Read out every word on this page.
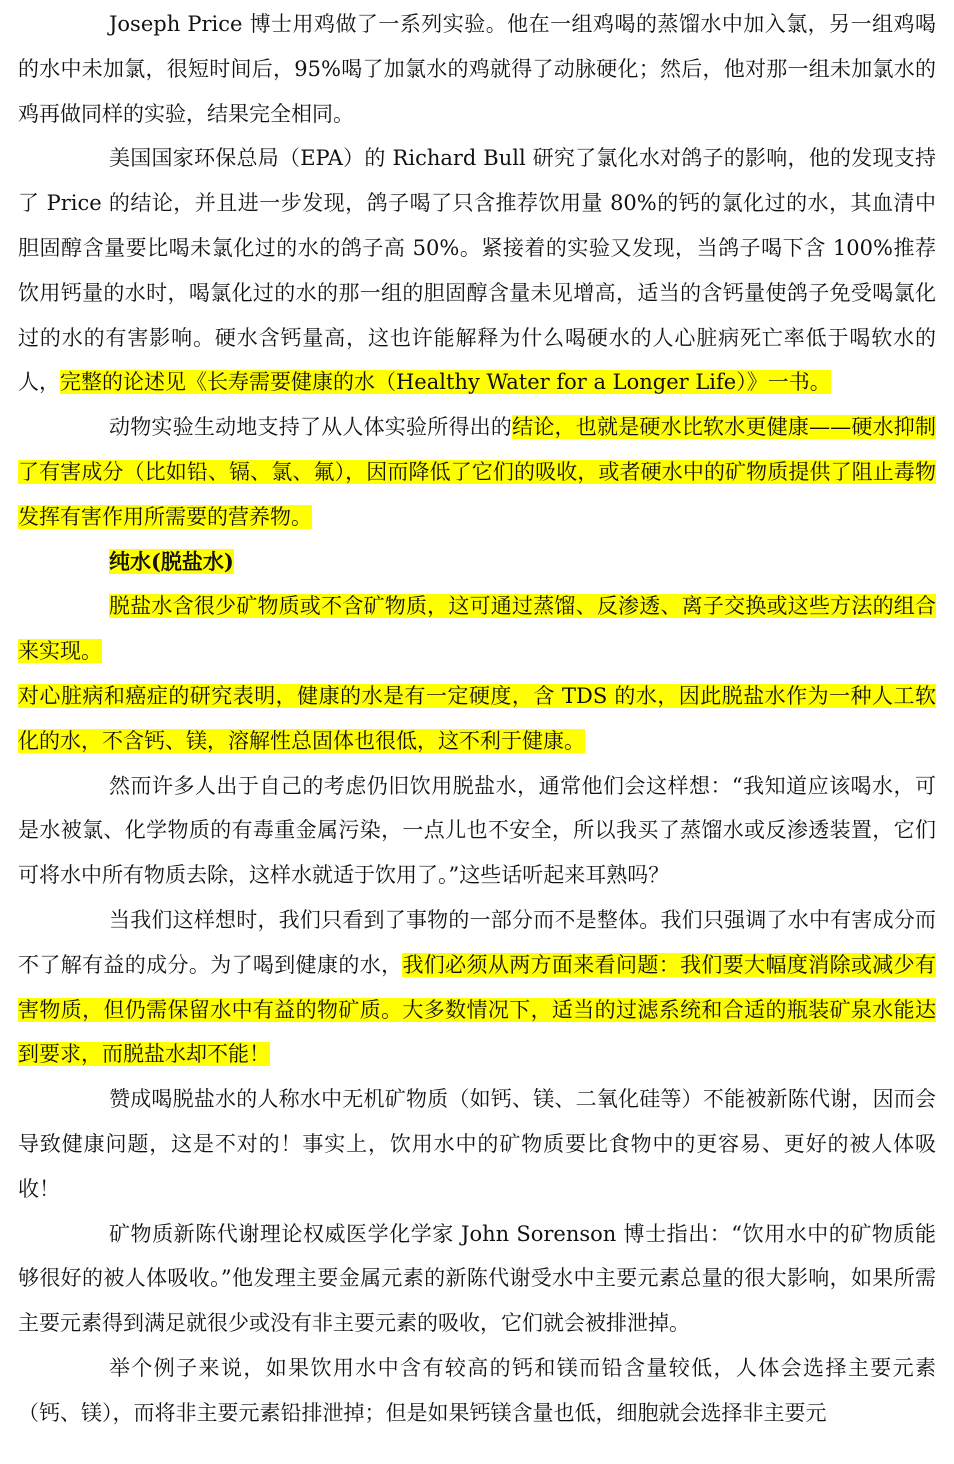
Joseph Price 博士用鸡做了一系列实验。他在一组鸡喝的蒸馏水中加入氯，另一组鸡喝的水中未加氯，很短时间后，95%喝了加氯水的鸡就得了动脉硬化；然后，他对那一组未加氯水的鸡再做同样的实验，结果完全相同。

美国国家环保总局（EPA）的 Richard Bull 研究了氯化水对鸽子的影响，他的发现支持了 Price 的结论，并且进一步发现，鸽子喝了只含推荐饮用量 80%的钙的氯化过的水，其血清中胆固醇含量要比喝未氯化过的水的鸽子高 50%。紧接着的实验又发现，当鸽子喝下含 100%推荐饮用钙量的水时，喝氯化过的水的那一组的胆固醇含量未见增高，适当的含钙量使鸽子免受喝氯化过的水的有害影响。硬水含钙量高，这也许能解释为什么喝硬水的人心脏病死亡率低于喝软水的人，完整的论述见《长寿需要健康的水（Healthy Water for a Longer Life）》一书。

动物实验生动地支持了从人体实验所得出的结论，也就是硬水比软水更健康——硬水抑制了有害成分（比如铅、镉、氯、氟），因而降低了它们的吸收，或者硬水中的矿物质提供了阻止毒物发挥有害作用所需要的营养物。

纯水(脱盐水)

脱盐水含很少矿物质或不含矿物质，这可通过蒸馏、反渗透、离子交换或这些方法的组合来实现。

对心脏病和癌症的研究表明，健康的水是有一定硬度，含 TDS 的水，因此脱盐水作为一种人工软化的水，不含钙、镁，溶解性总固体也很低，这不利于健康。

然而许多人出于自己的考虑仍旧饮用脱盐水，通常他们会这样想：“我知道应该喝水，可是水被氯、化学物质的有毒重金属污染，一点儿也不安全，所以我买了蒸馏水或反渗透装置，它们可将水中所有物质去除，这样水就适于饮用了。”这些话听起来耳熟吗？

当我们这样想时，我们只看到了事物的一部分而不是整体。我们只强调了水中有害成分而不了解有益的成分。为了喝到健康的水，我们必须从两方面来看问题：我们要大幅度消除或减少有害物质，但仍需保留水中有益的物矿质。大多数情况下，适当的过滤系统和合适的瓶装矿泉水能达到要求，而脱盐水却不能！

赞成喝脱盐水的人称水中无机矿物质（如钙、镁、二氧化硅等）不能被新陈代谢，因而会导致健康问题，这是不对的！事实上，饮用水中的矿物质要比食物中的更容易、更好的被人体吸收！

矿物质新陈代谢理论权威医学化学家 John Sorenson 博士指出：“饮用水中的矿物质能够很好的被人体吸收。”他发理主要金属元素的新陈代谢受水中主要元素总量的很大影响，如果所需主要元素得到满足就很少或没有非主要元素的吸收，它们就会被排泄掉。

举个例子来说，如果饮用水中含有较高的钙和镁而铅含量较低，人体会选择主要元素（钙、镁），而将非主要元素铅排泄掉；但是如果钙镁含量也低，细胞就会选择非主要元
